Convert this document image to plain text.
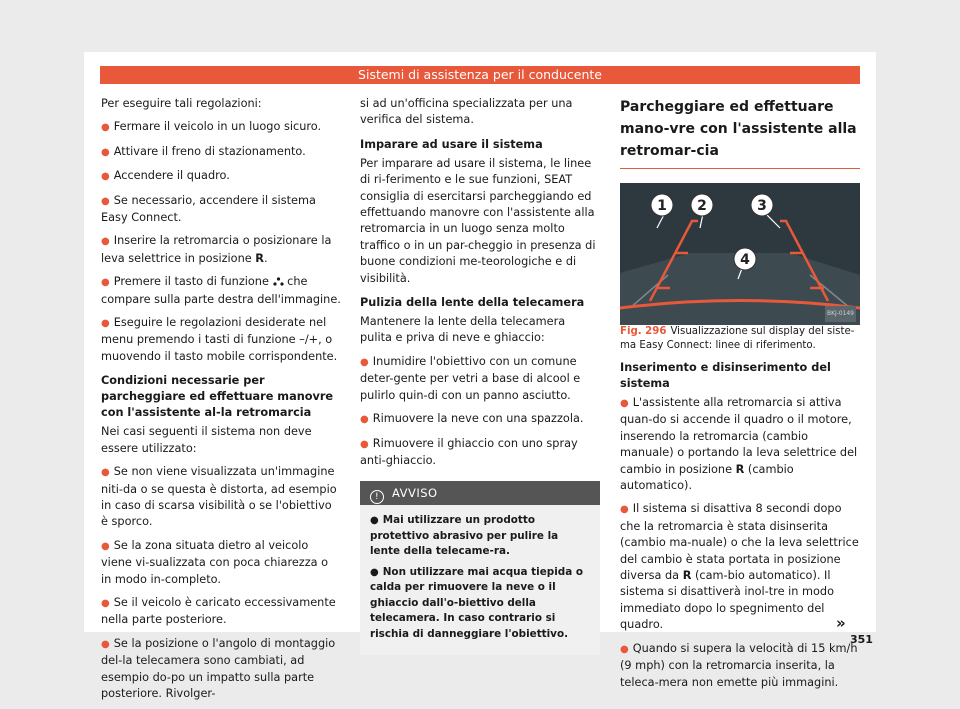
Sistemi di assistenza per il conducente

Per eseguire tali regolazioni:

● Fermare il veicolo in un luogo sicuro.

● Attivare il freno di stazionamento.

● Accendere il quadro.

● Se necessario, accendere il sistema Easy Connect.

● Inserire la retromarcia o posizionare la leva selettrice in posizione R.

● Premere il tasto di funzione  che compare sulla parte destra dell'immagine.

● Eseguire le regolazioni desiderate nel menu premendo i tasti di funzione –/+, o muovendo il tasto mobile corrispondente.

Condizioni necessarie per parcheggiare ed effettuare manovre con l'assistente al-la retromarcia

Nei casi seguenti il sistema non deve essere utilizzato:

● Se non viene visualizzata un'immagine niti-da o se questa è distorta, ad esempio in caso di scarsa visibilità o se l'obiettivo è sporco.

● Se la zona situata dietro al veicolo viene vi-sualizzata con poca chiarezza o in modo in-completo.

● Se il veicolo è caricato eccessivamente nella parte posteriore.

● Se la posizione o l'angolo di montaggio del-la telecamera sono cambiati, ad esempio do-po un impatto sulla parte posteriore. Rivolger-

si ad un'officina specializzata per una verifica del sistema.

Imparare ad usare il sistema

Per imparare ad usare il sistema, le linee di ri-ferimento e le sue funzioni, SEAT consiglia di esercitarsi parcheggiando ed effettuando manovre con l'assistente alla retromarcia in un luogo senza molto traffico o in un par-cheggio in presenza di buone condizioni me-teorologiche e di visibilità.

Pulizia della lente della telecamera

Mantenere la lente della telecamera pulita e priva di neve e ghiaccio:

● Inumidire l'obiettivo con un comune deter-gente per vetri a base di alcool e pulirlo quin-di con un panno asciutto.

● Rimuovere la neve con una spazzola.

● Rimuovere il ghiaccio con uno spray anti-ghiaccio.

! AVVISO

● Mai utilizzare un prodotto protettivo abrasivo per pulire la lente della telecame-ra.

● Non utilizzare mai acqua tiepida o calda per rimuovere la neve o il ghiaccio dall'o-biettivo della telecamera. In caso contrario si rischia di danneggiare l'obiettivo.

Parcheggiare ed effettuare mano-vre con l'assistente alla retromar-cia
1 2	3
4
BKJ-0149

Fig. 296 Visualizzazione sul display del siste-ma Easy Connect: linee di riferimento.

Inserimento e disinserimento del sistema

● L'assistente alla retromarcia si attiva quan-do si accende il quadro o il motore, inserendo la retromarcia (cambio manuale) o portando la leva selettrice del cambio in posizione R (cambio automatico).

● Il sistema si disattiva 8 secondi dopo che la retromarcia è stata disinserita (cambio ma-nuale) o che la leva selettrice del cambio è stata portata in posizione diversa da R (cam-bio automatico). Il sistema si disattiverà inol-tre in modo immediato dopo lo spegnimento del quadro.

● Quando si supera la velocità di 15 km/h (9 mph) con la retromarcia inserita, la teleca-mera non emette più immagini.

»
351
